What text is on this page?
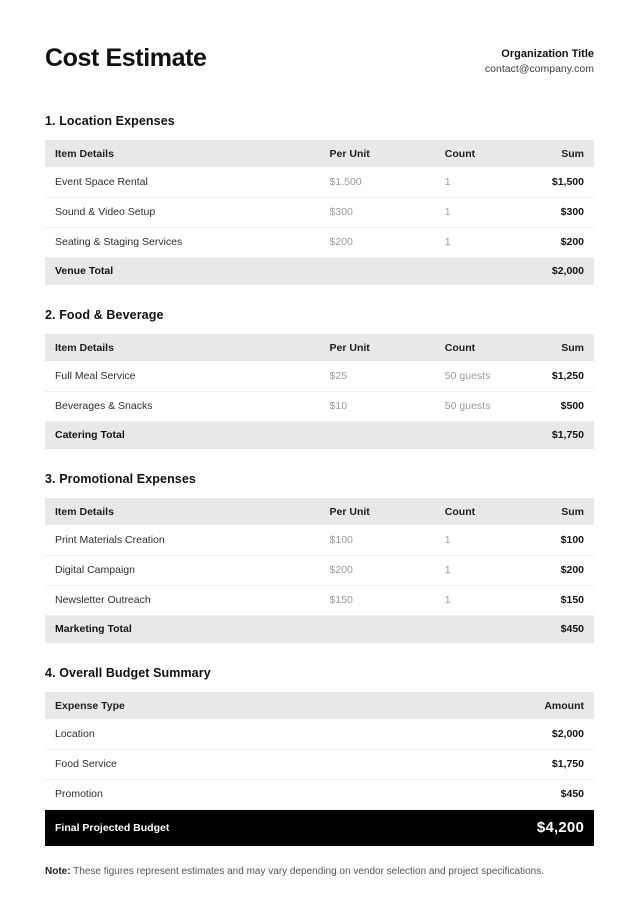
Cost Estimate	Organization Title
contact@company.com
1. Location Expenses
Item Details	Per Unit	Count	Sum
Event Space Rental	$1,500	1	$1,500
Sound & Video Setup	$300	1	$300
Seating & Staging Services	$200	1	$200
Venue Total			$2,000
2. Food & Beverage
Item Details	Per Unit	Count	Sum
Full Meal Service	$25	50 guests	$1,250
Beverages & Snacks	$10	50 guests	$500
Catering Total			$1,750
3. Promotional Expenses
Item Details	Per Unit	Count	Sum
Print Materials Creation	$100	1	$100
Digital Campaign	$200	1	$200
Newsletter Outreach	$150	1	$150
Marketing Total			$450
4. Overall Budget Summary
Expense Type	Amount
Location	$2,000
Food Service	$1,750
Promotion	$450
Final Projected Budget	$4,200

Note: These figures represent estimates and may vary depending on vendor selection and project specifications.
